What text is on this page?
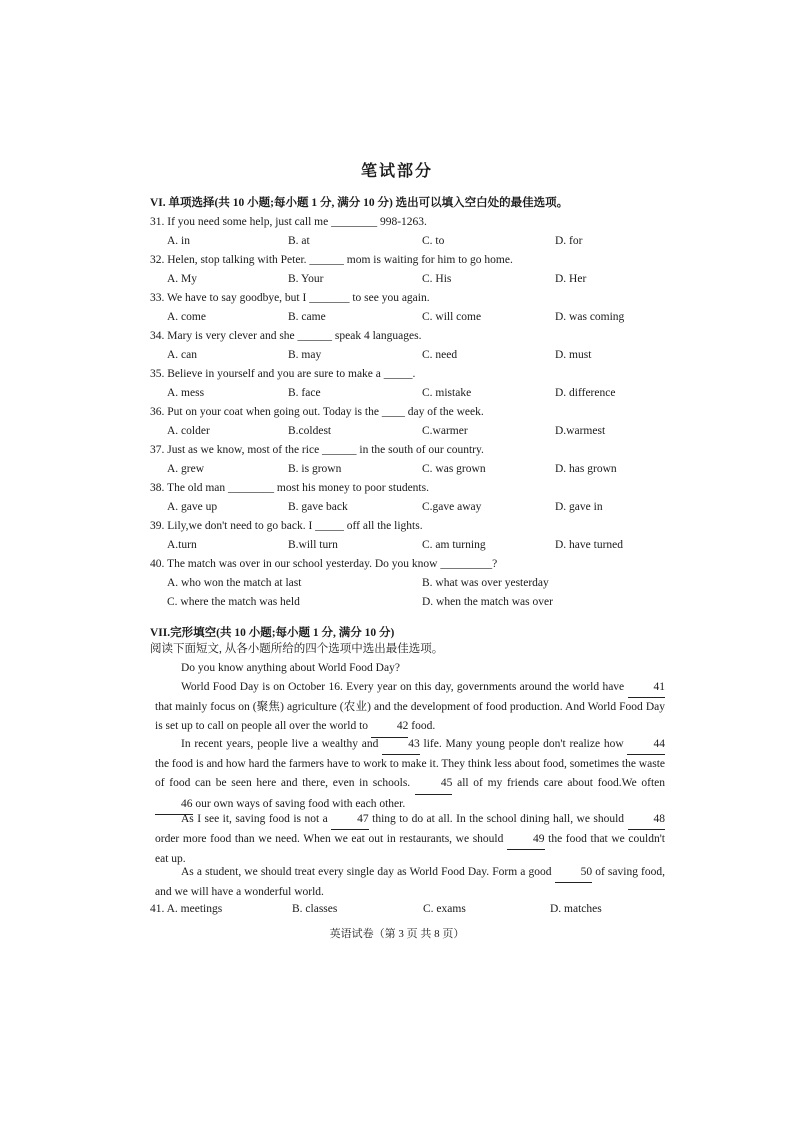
笔试部分
VI. 单项选择(共 10 小题;每小题 1 分, 满分 10 分) 选出可以填入空白处的最佳选项。
31. If you need some help, just call me ________ 998-1263.
A. in	B. at	C. to	D. for
32. Helen, stop talking with Peter. ______ mom is waiting for him to go home.
A. My	B. Your	C. His	D. Her
33. We have to say goodbye, but I _______ to see you again.
A. come	B. came	C. will come	D. was coming
34. Mary is very clever and she ______ speak 4 languages.
A. can	B. may	C. need	D. must
35. Believe in yourself and you are sure to make a _____.
A. mess	B. face	C. mistake	D. difference
36. Put on your coat when going out. Today is the ____ day of the week.
A. colder	B.coldest	C.warmer	D.warmest
37. Just as we know, most of the rice ______ in the south of our country.
A. grew	B. is grown	C. was grown	D. has grown
38. The old man ________ most his money to poor students.
A. gave up	B. gave back	C.gave away	D. gave in
39. Lily,we don't need to go back. I _____ off all the lights.
A.turn	B.will turn	C. am turning	D. have turned
40. The match was over in our school yesterday. Do you know _________?
A. who won the match at last	B. what was over yesterday
C. where the match was held	D. when the match was over
VII.完形填空(共 10 小题;每小题 1 分, 满分 10 分)
阅读下面短文, 从各小题所给的四个选项中选出最佳选项。
Do you know anything about World Food Day?
World Food Day is on October 16. Every year on this day, governments around the world have 41 that mainly focus on (聚焦) agriculture (农业) and the development of food production. And World Food Day is set up to call on people all over the world to 42 food.
In recent years, people live a wealthy and 43 life. Many young people don't realize how 44 the food is and how hard the farmers have to work to make it. They think less about food, sometimes the waste of food can be seen here and there, even in schools. 45 all of my friends care about food.We often 46 our own ways of saving food with each other.
As I see it, saving food is not a 47 thing to do at all. In the school dining hall, we should 48 order more food than we need. When we eat out in restaurants, we should 49 the food that we couldn't eat up.
As a student, we should treat every single day as World Food Day. Form a good 50 of saving food, and we will have a wonderful world.
41. A. meetings	B. classes	C. exams	D. matches
英语试卷（第 3 页 共 8 页）
